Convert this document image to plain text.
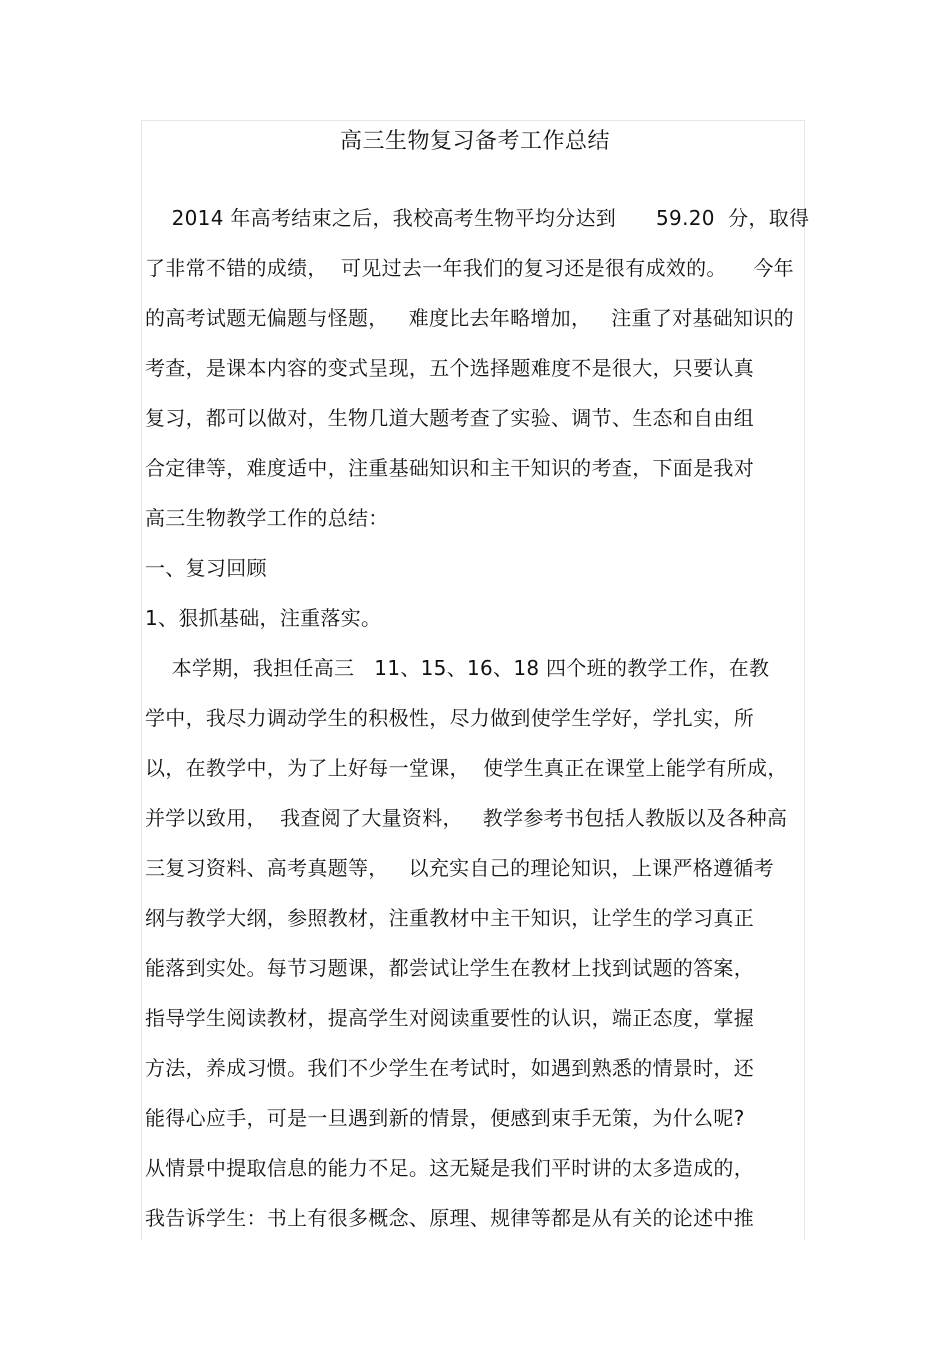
高三生物复习备考工作总结
2014 年高考结束之后，我校高考生物平均分达到      59.20  分，取得
了非常不错的成绩，  可见过去一年我们的复习还是很有成效的。    今年
的高考试题无偏题与怪题，   难度比去年略增加，   注重了对基础知识的
考查，是课本内容的变式呈现，五个选择题难度不是很大，只要认真
复习，都可以做对，生物几道大题考查了实验、调节、生态和自由组
合定律等，难度适中，注重基础知识和主干知识的考查，下面是我对
高三生物教学工作的总结：
一、复习回顾
1、狠抓基础，注重落实。
本学期，我担任高三   11、15、16、18 四个班的教学工作，在教
学中，我尽力调动学生的积极性，尽力做到使学生学好，学扎实，所
以，在教学中，为了上好每一堂课，  使学生真正在课堂上能学有所成，
并学以致用，  我查阅了大量资料，   教学参考书包括人教版以及各种高
三复习资料、高考真题等，   以充实自己的理论知识，上课严格遵循考
纲与教学大纲，参照教材，注重教材中主干知识，让学生的学习真正
能落到实处。每节习题课，都尝试让学生在教材上找到试题的答案，
指导学生阅读教材，提高学生对阅读重要性的认识，端正态度，掌握
方法，养成习惯。我们不少学生在考试时，如遇到熟悉的情景时，还
能得心应手，可是一旦遇到新的情景，便感到束手无策，为什么呢?
从情景中提取信息的能力不足。这无疑是我们平时讲的太多造成的，
我告诉学生：书上有很多概念、原理、规律等都是从有关的论述中推
